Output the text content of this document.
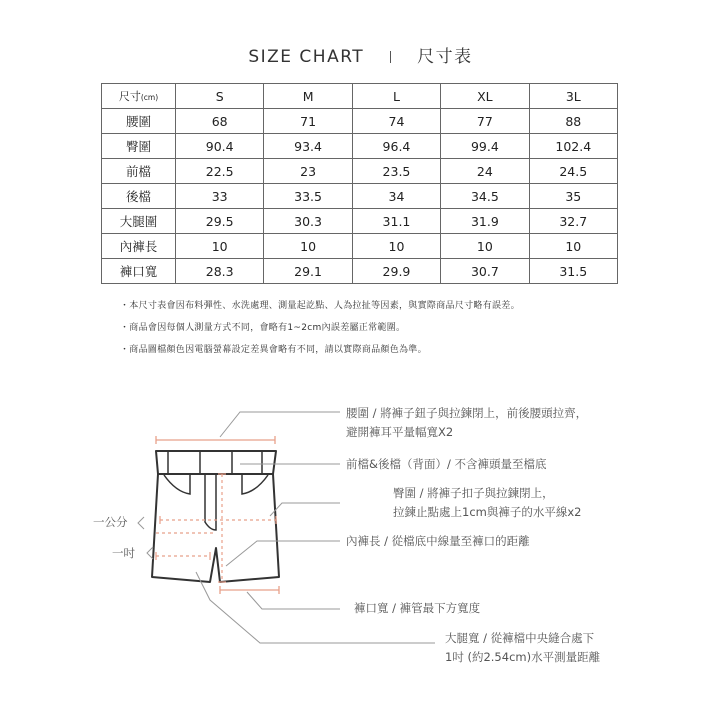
SIZE CHART	尺寸表
尺寸(cm)	S	M	L	XL	3L
腰圍	68	71	74	77	88
臀圍	90.4	93.4	96.4	99.4	102.4
前檔	22.5	23	23.5	24	24.5
後檔	33	33.5	34	34.5	35
大腿圍	29.5	30.3	31.1	31.9	32.7
內褲長	10	10	10	10	10
褲口寬	28.3	29.1	29.9	30.7	31.5
・本尺寸表會因布料彈性、水洗處理、測量起訖點、人為拉扯等因素，與實際商品尺寸略有誤差。
・商品會因每個人測量方式不同，會略有1~2cm內誤差屬正常範圍。
・商品圖檔顏色因電腦螢幕設定差異會略有不同，請以實際商品顏色為準。
腰圍 / 將褲子鈕子與拉鍊閉上，前後腰頭拉齊，
避開褲耳平量幅寬X2
前檔&後檔（背面）/ 不含褲頭量至檔底
臀圍 / 將褲子扣子與拉鍊閉上，
拉鍊止點處上1cm與褲子的水平線x2
內褲長 / 從檔底中線量至褲口的距離
褲口寬 / 褲管最下方寬度
大腿寬 / 從褲檔中央縫合處下
1吋 (約2.54cm)水平測量距離
一公分
一吋
